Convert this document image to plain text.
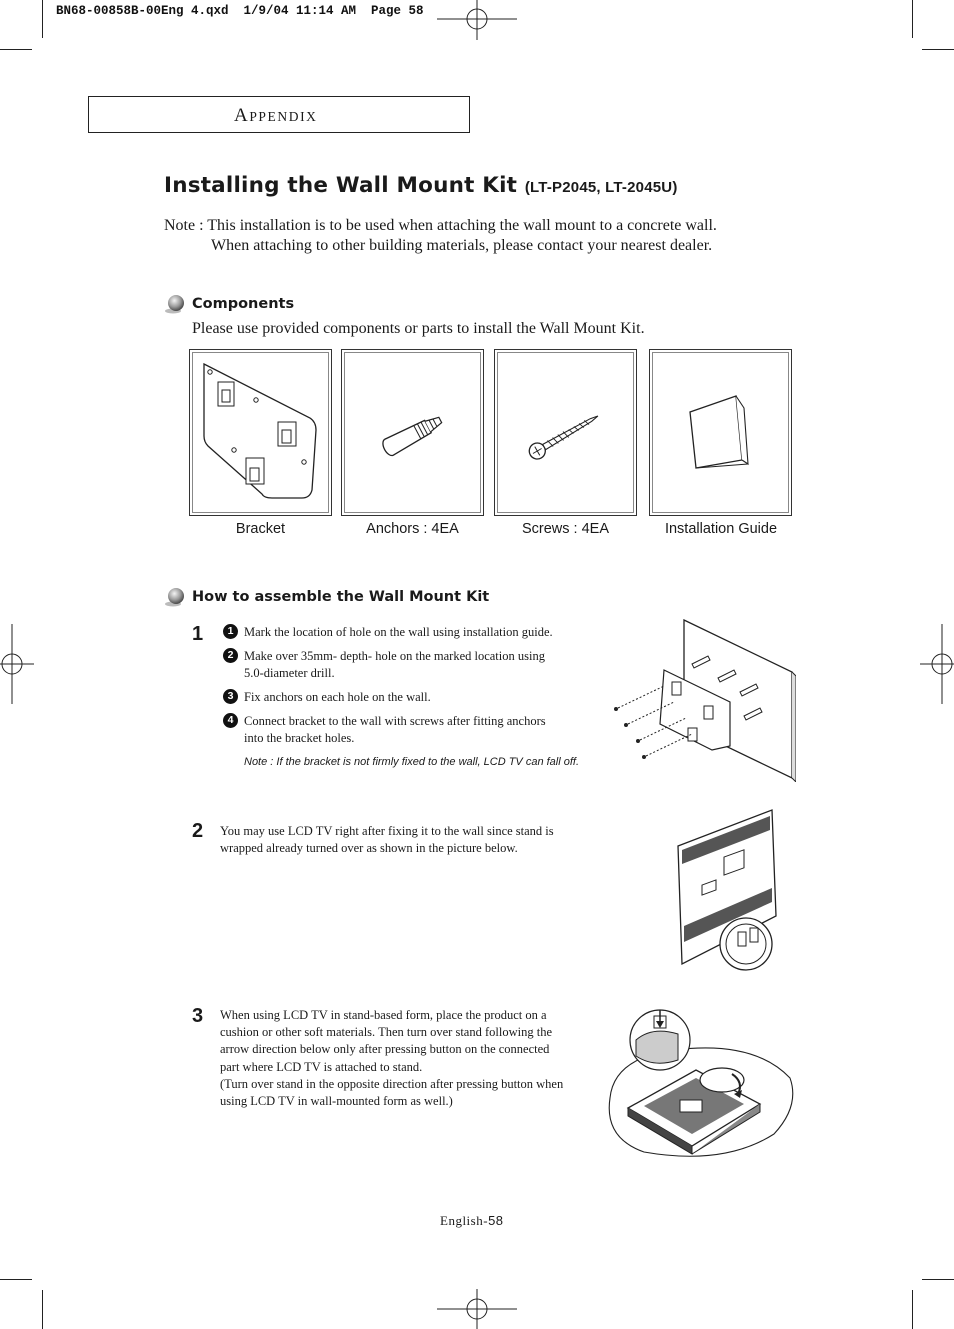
BN68-00858B-00Eng 4.qxd  1/9/04 11:14 AM  Page 58
APPENDIX
Installing the Wall Mount Kit (LT-P2045, LT-2045U)
Note : This installation is to be used when attaching the wall mount to a concrete wall.
When attaching to other building materials, please contact your nearest dealer.
Components
Please use provided components or parts to install the Wall Mount Kit.
Bracket	Anchors : 4EA	Screws : 4EA	Installation Guide
How to assemble the Wall Mount Kit
1	1 Mark the location of hole on the wall using installation guide.
2 Make over 35mm- depth- hole on the marked location using
5.0-diameter drill.
3 Fix anchors on each hole on the wall.
4 Connect bracket to the wall with screws after fitting anchors
into the bracket holes.
Note : If the bracket is not firmly fixed to the wall, LCD TV can fall off.
2 You may use LCD TV right after fixing it to the wall since stand is
wrapped already turned over as shown in the picture below.
3 When using LCD TV in stand-based form, place the product on a
cushion or other soft materials. Then turn over stand following the
arrow direction below only after pressing button on the connected
part where LCD TV is attached to stand.
(Turn over stand in the opposite direction after pressing button when
using LCD TV in wall-mounted form as well.)
English-58
